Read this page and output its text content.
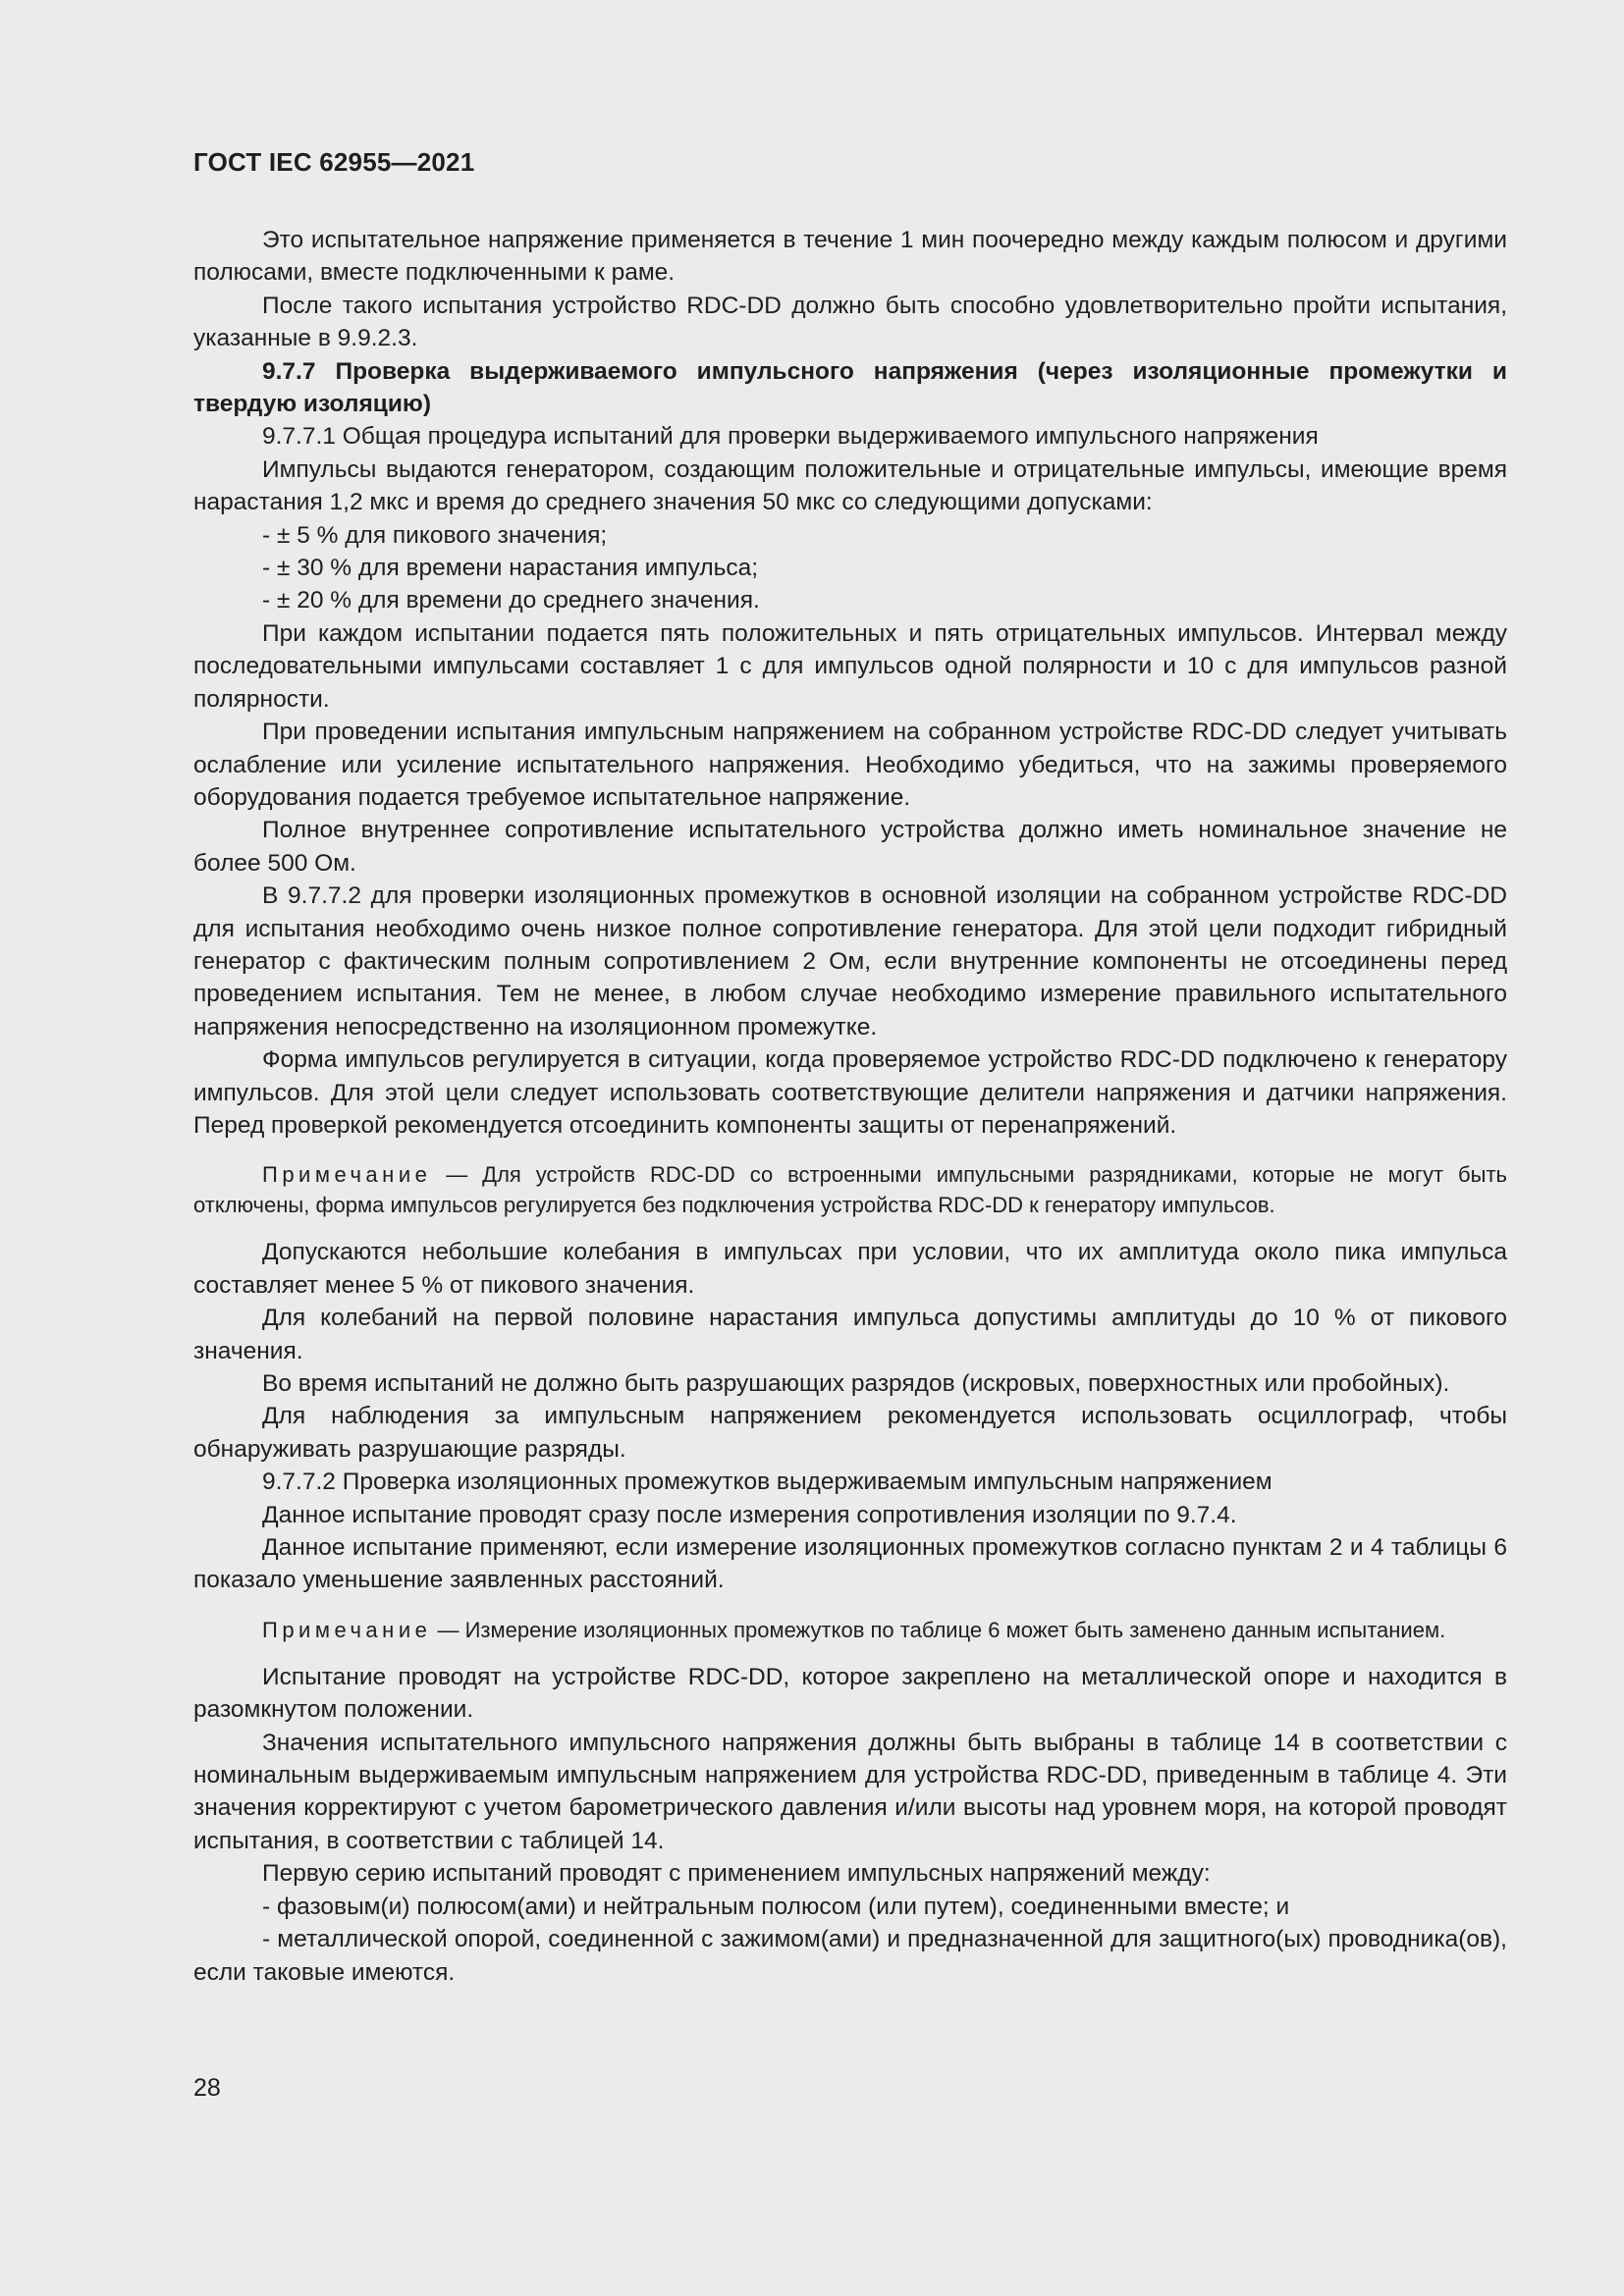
ГОСТ IEC 62955—2021

Это испытательное напряжение применяется в течение 1 мин поочередно между каждым полюсом и другими полюсами, вместе подключенными к раме.

После такого испытания устройство RDC-DD должно быть способно удовлетворительно пройти испытания, указанные в 9.9.2.3.

9.7.7 Проверка выдерживаемого импульсного напряжения (через изоляционные промежутки и твердую изоляцию)

9.7.7.1 Общая процедура испытаний для проверки выдерживаемого импульсного напряжения

Импульсы выдаются генератором, создающим положительные и отрицательные импульсы, имеющие время нарастания 1,2 мкс и время до среднего значения 50 мкс со следующими допусками:

- ± 5 % для пикового значения;

- ± 30 % для времени нарастания импульса;

- ± 20 % для времени до среднего значения.

При каждом испытании подается пять положительных и пять отрицательных импульсов. Интервал между последовательными импульсами составляет 1 с для импульсов одной полярности и 10 с для импульсов разной полярности.

При проведении испытания импульсным напряжением на собранном устройстве RDC-DD следует учитывать ослабление или усиление испытательного напряжения. Необходимо убедиться, что на зажимы проверяемого оборудования подается требуемое испытательное напряжение.

Полное внутреннее сопротивление испытательного устройства должно иметь номинальное значение не более 500 Ом.

В 9.7.7.2 для проверки изоляционных промежутков в основной изоляции на собранном устройстве RDC-DD для испытания необходимо очень низкое полное сопротивление генератора. Для этой цели подходит гибридный генератор с фактическим полным сопротивлением 2 Ом, если внутренние компоненты не отсоединены перед проведением испытания. Тем не менее, в любом случае необходимо измерение правильного испытательного напряжения непосредственно на изоляционном промежутке.

Форма импульсов регулируется в ситуации, когда проверяемое устройство RDC-DD подключено к генератору импульсов. Для этой цели следует использовать соответствующие делители напряжения и датчики напряжения. Перед проверкой рекомендуется отсоединить компоненты защиты от перенапряжений.

Примечание — Для устройств RDC-DD со встроенными импульсными разрядниками, которые не могут быть отключены, форма импульсов регулируется без подключения устройства RDC-DD к генератору импульсов.

Допускаются небольшие колебания в импульсах при условии, что их амплитуда около пика импульса составляет менее 5 % от пикового значения.

Для колебаний на первой половине нарастания импульса допустимы амплитуды до 10 % от пикового значения.

Во время испытаний не должно быть разрушающих разрядов (искровых, поверхностных или пробойных).

Для наблюдения за импульсным напряжением рекомендуется использовать осциллограф, чтобы обнаруживать разрушающие разряды.

9.7.7.2 Проверка изоляционных промежутков выдерживаемым импульсным напряжением

Данное испытание проводят сразу после измерения сопротивления изоляции по 9.7.4.

Данное испытание применяют, если измерение изоляционных промежутков согласно пунктам 2 и 4 таблицы 6 показало уменьшение заявленных расстояний.

Примечание — Измерение изоляционных промежутков по таблице 6 может быть заменено данным испытанием.

Испытание проводят на устройстве RDC-DD, которое закреплено на металлической опоре и находится в разомкнутом положении.

Значения испытательного импульсного напряжения должны быть выбраны в таблице 14 в соответствии с номинальным выдерживаемым импульсным напряжением для устройства RDC-DD, приведенным в таблице 4. Эти значения корректируют с учетом барометрического давления и/или высоты над уровнем моря, на которой проводят испытания, в соответствии с таблицей 14.

Первую серию испытаний проводят с применением импульсных напряжений между:

- фазовым(и) полюсом(ами) и нейтральным полюсом (или путем), соединенными вместе; и

- металлической опорой, соединенной с зажимом(ами) и предназначенной для защитного(ых) проводника(ов), если таковые имеются.

28
